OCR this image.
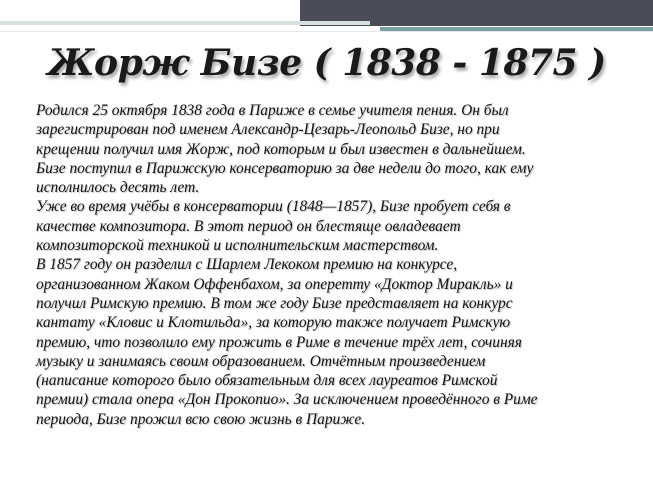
Жорж Бизе ( 1838 - 1875 )
Родился 25 октября 1838 года в Париже в семье учителя пения. Он был
зарегистрирован под именем Александр-Цезарь-Леопольд Бизе, но при
крещении получил имя Жорж, под которым и был известен в дальнейшем.
Бизе поступил в Парижскую консерваторию за две недели до того, как ему
исполнилось десять лет.
Уже во время учёбы в консерватории (1848—1857), Бизе пробует себя в
качестве композитора. В этот период он блестяще овладевает
композиторской техникой и исполнительским мастерством.
В 1857 году он разделил с Шарлем Лекоком премию на конкурсе,
организованном Жаком Оффенбахом, за оперетту «Доктор Миракль» и
получил Римскую премию. В том же году Бизе представляет на конкурс
кантату «Кловис и Клотильда», за которую также получает Римскую
премию, что позволило ему прожить в Риме в течение трёх лет, сочиняя
музыку и занимаясь своим образованием. Отчётным произведением
(написание которого было обязательным для всех лауреатов Римской
премии) стала опера «Дон Прокопио». За исключением проведённого в Риме
периода, Бизе прожил всю свою жизнь в Париже.
